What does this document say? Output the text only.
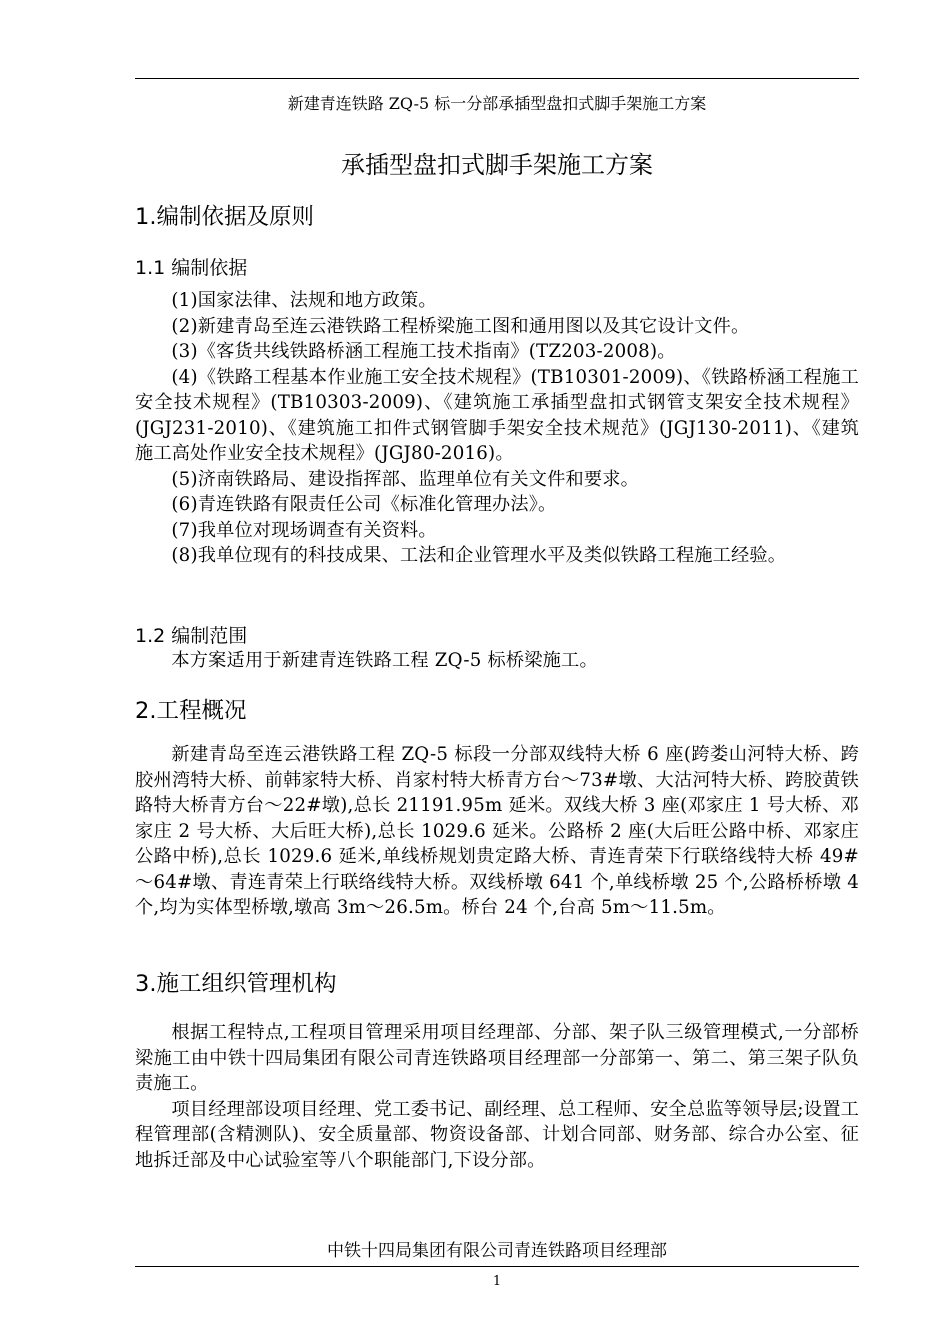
新建青连铁路 ZQ-5 标一分部承插型盘扣式脚手架施工方案
承插型盘扣式脚手架施工方案
1.编制依据及原则
1.1 编制依据

(1)国家法律、法规和地方政策。

(2)新建青岛至连云港铁路工程桥梁施工图和通用图以及其它设计文件。

(3)《客货共线铁路桥涵工程施工技术指南》(TZ203-2008)。

(4)《铁路工程基本作业施工安全技术规程》(TB10301-2009)、《铁路桥涵工程施工安全技术规程》(TB10303-2009)、《建筑施工承插型盘扣式钢管支架安全技术规程》(JGJ231-2010)、《建筑施工扣件式钢管脚手架安全技术规范》(JGJ130-2011)、《建筑施工高处作业安全技术规程》(JGJ80-2016)。

(5)济南铁路局、建设指挥部、监理单位有关文件和要求。

(6)青连铁路有限责任公司《标准化管理办法》。

(7)我单位对现场调查有关资料。

(8)我单位现有的科技成果、工法和企业管理水平及类似铁路工程施工经验。

1.2 编制范围

本方案适用于新建青连铁路工程 ZQ-5 标桥梁施工。

2.工程概况

新建青岛至连云港铁路工程 ZQ-5 标段一分部双线特大桥 6 座(跨娄山河特大桥、跨胶州湾特大桥、前韩家特大桥、肖家村特大桥青方台～73#墩、大沽河特大桥、跨胶黄铁路特大桥青方台～22#墩),总长 21191.95m 延米。双线大桥 3 座(邓家庄 1 号大桥、邓家庄 2 号大桥、大后旺大桥),总长 1029.6 延米。公路桥 2 座(大后旺公路中桥、邓家庄公路中桥),总长 1029.6 延米,单线桥规划贵定路大桥、青连青荣下行联络线特大桥 49#～64#墩、青连青荣上行联络线特大桥。双线桥墩 641 个,单线桥墩 25 个,公路桥桥墩 4 个,均为实体型桥墩,墩高 3m～26.5m。桥台 24 个,台高 5m～11.5m。

3.施工组织管理机构

根据工程特点,工程项目管理采用项目经理部、分部、架子队三级管理模式,一分部桥梁施工由中铁十四局集团有限公司青连铁路项目经理部一分部第一、第二、第三架子队负责施工。

项目经理部设项目经理、党工委书记、副经理、总工程师、安全总监等领导层;设置工程管理部(含精测队)、安全质量部、物资设备部、计划合同部、财务部、综合办公室、征地拆迁部及中心试验室等八个职能部门,下设分部。

中铁十四局集团有限公司青连铁路项目经理部
1
